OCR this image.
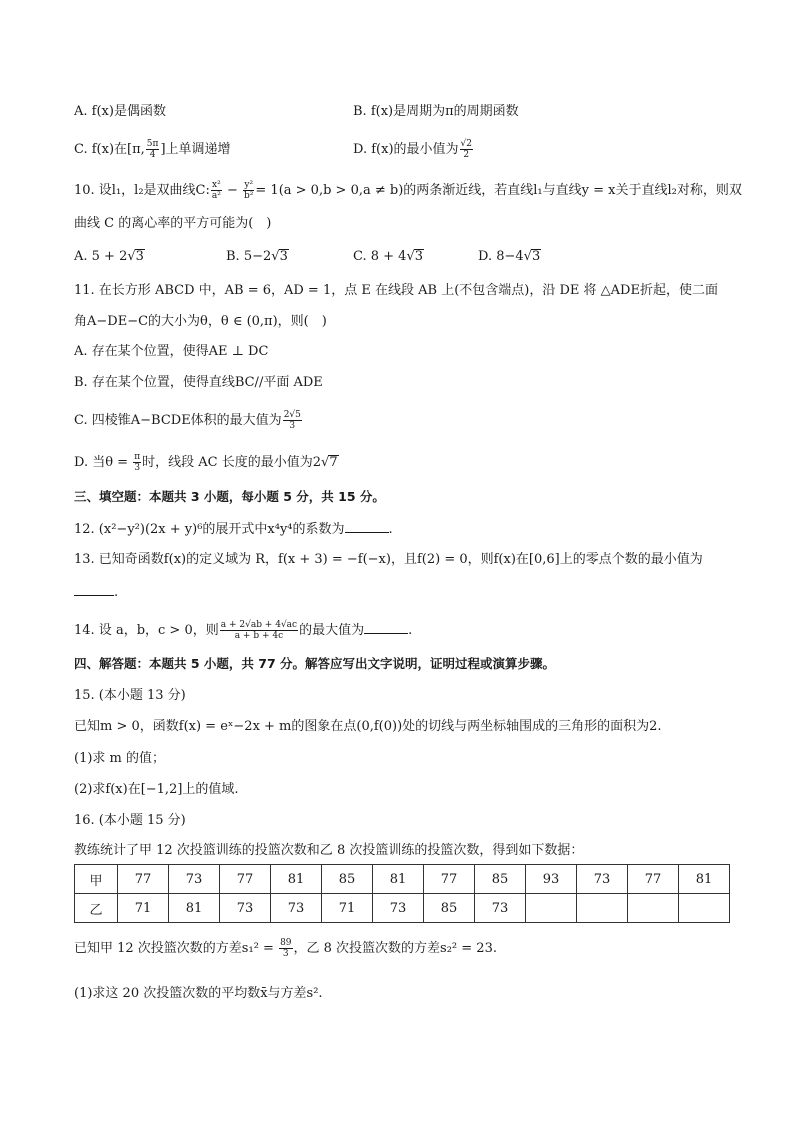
A. f(x)是偶函数	B. f(x)是周期为π的周期函数
C. f(x)在[π, $\frac{5\pi}{4}$ ]上单调递增	D. f(x)的最小值为 $\frac{√2}{2}$
10. 设l₁，l₂是双曲线C: $\frac{\text{x²}}{\text{a²}} - \frac{\text{y²}}{\text{b²}} = 1(a > 0,b > 0,a \ne b)$的两条渐近线，若直线l₁与直线y = x关于直线l₂对称，则双
曲线 C 的离心率的平方可能为(　)
A. 5 + 2√3	B. 5−2√3	C. 8 + 4√3	D. 8−4√3
11. 在长方形 ABCD 中，AB = 6，AD = 1，点 E 在线段 AB 上(不包含端点)，沿 DE 将 △ADE折起，使二面
角A−DE−C的大小为θ，θ ∈ (0,π)，则(　)
A. 存在某个位置，使得AE ⊥ DC
B. 存在某个位置，使得直线BC//平面 ADE
C. 四棱锥A−BCDE体积的最大值为 $\frac{2√5}{3}$
D. 当$\theta = \frac{\pi}{3}$ 时，线段 AC 长度的最小值为2√7
三、填空题：本题共 3 小题，每小题 5 分，共 15 分。
12. (x²−y²)(2x + y)⁶的展开式中x⁴y⁴的系数为	.
13. 已知奇函数f(x)的定义域为 R，f(x + 3) = −f(−x)，且f(2) = 0，则f(x)在[0,6]上的零点个数的最小值为
.
14. 设 a，b，c > 0，则 $\frac{a + 2√ab + 4√ac}{a + b + 4c}$ 的最大值为	.
四、解答题：本题共 5 小题，共 77 分。解答应写出文字说明，证明过程或演算步骤。
15. (本小题 13 分)
已知m > 0，函数f(x) = eˣ−2x + m的图象在点(0,f(0))处的切线与两坐标轴围成的三角形的面积为2.
(1)求 m 的值；
(2)求f(x)在[−1,2]上的值域.
16. (本小题 15 分)
教练统计了甲 12 次投篮训练的投篮次数和乙 8 次投篮训练的投篮次数，得到如下数据：
甲	77	73	77	81	85	81	77	85	93	73	77	81
乙	71	81	73	73	71	73	85	73				
已知甲 12 次投篮次数的方差$s_1^2 = \frac{89}{3}$ ，乙 8 次投篮次数的方差s₂² = 23.
(1)求这 20 次投篮次数的平均数x̄与方差s².
